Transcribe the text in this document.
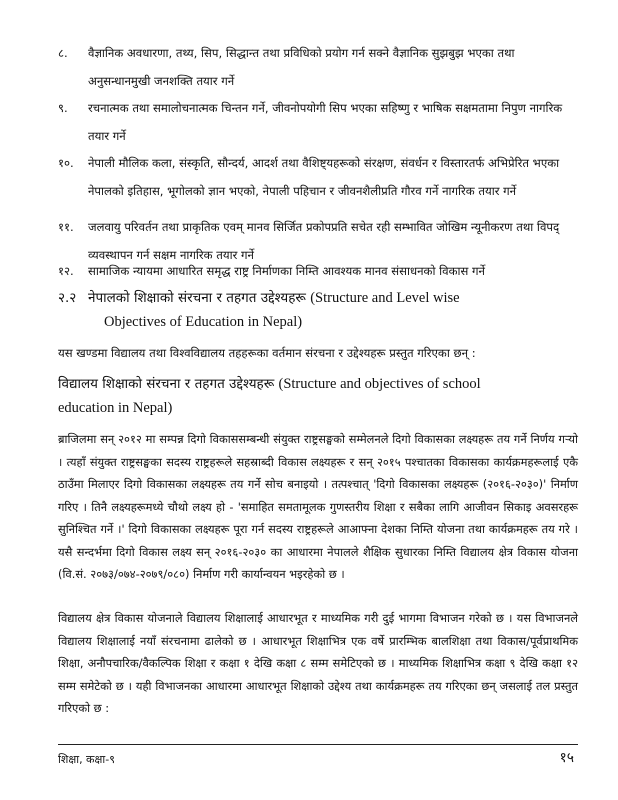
८.	वैज्ञानिक अवधारणा, तथ्य, सिप, सिद्धान्त तथा प्रविधिको प्रयोग गर्न सक्ने वैज्ञानिक सुझबुझ भएका तथा अनुसन्धानमुखी जनशक्ति तयार गर्ने
९.	रचनात्मक तथा समालोचनात्मक चिन्तन गर्ने, जीवनोपयोगी सिप भएका सहिष्णु र भाषिक सक्षमतामा निपुण नागरिक तयार गर्ने
१०.	नेपाली मौलिक कला, संस्कृति, सौन्दर्य, आदर्श तथा वैशिष्ट्यहरूको संरक्षण, संवर्धन र विस्तारतर्फ अभिप्रेरित भएका नेपालको इतिहास, भूगोलको ज्ञान भएको, नेपाली पहिचान र जीवनशैलीप्रति गौरव गर्ने नागरिक तयार गर्ने
११.	जलवायु परिवर्तन तथा प्राकृतिक एवम् मानव सिर्जित प्रकोपप्रति सचेत रही सम्भावित जोखिम न्यूनीकरण तथा विपद् व्यवस्थापन गर्न सक्षम नागरिक तयार गर्ने
१२.	सामाजिक न्यायमा आधारित समृद्ध राष्ट्र निर्माणका निम्ति आवश्यक मानव संसाधनको विकास गर्ने
२.२ नेपालको शिक्षाको संरचना र तहगत उद्देश्यहरू (Structure and Level wise
Objectives of Education in Nepal)
यस खण्डमा विद्यालय तथा विश्वविद्यालय तहहरूका वर्तमान संरचना र उद्देश्यहरू प्रस्तुत गरिएका छन् :
विद्यालय शिक्षाको संरचना र तहगत उद्देश्यहरू (Structure and objectives of school
education in Nepal)
ब्राजिलमा सन् २०१२ मा सम्पन्न दिगो विकाससम्बन्धी संयुक्त राष्ट्रसङ्घको सम्मेलनले दिगो विकासका लक्ष्यहरू तय गर्ने निर्णय गऱ्यो । त्यहाँ संयुक्त राष्ट्रसङ्घका सदस्य राष्ट्रहरूले सहस्राब्दी विकास लक्ष्यहरू र सन् २०१५ पश्चातका विकासका कार्यक्रमहरूलाई एकै ठाउँमा मिलाएर दिगो विकासका लक्ष्यहरू तय गर्ने सोच बनाइयो । तत्पश्चात् 'दिगो विकासका लक्ष्यहरू (२०१६-२०३०)' निर्माण गरिए । तिनै लक्ष्यहरूमध्ये चौथो लक्ष्य हो - 'समाहित समतामूलक गुणस्तरीय शिक्षा र सबैका लागि आजीवन सिकाइ अवसरहरू सुनिश्चित गर्ने ।' दिगो विकासका लक्ष्यहरू पूरा गर्न सदस्य राष्ट्रहरूले आआफ्ना देशका निम्ति योजना तथा कार्यक्रमहरू तय गरे । यसै सन्दर्भमा दिगो विकास लक्ष्य सन् २०१६-२०३० का आधारमा नेपालले शैक्षिक सुधारका निम्ति विद्यालय क्षेत्र विकास योजना (वि.सं. २०७३/०७४-२०७९/०८०) निर्माण गरी कार्यान्वयन भइरहेको छ ।
विद्यालय क्षेत्र विकास योजनाले विद्यालय शिक्षालाई आधारभूत र माध्यमिक गरी दुई भागमा विभाजन गरेको छ । यस विभाजनले विद्यालय शिक्षालाई नयाँ संरचनामा ढालेको छ । आधारभूत शिक्षाभित्र एक वर्षे प्रारम्भिक बालशिक्षा तथा विकास/पूर्वप्राथमिक शिक्षा, अनौपचारिक/वैकल्पिक शिक्षा र कक्षा १ देखि कक्षा ८ सम्म समेटिएको छ । माध्यमिक शिक्षाभित्र कक्षा ९ देखि कक्षा १२ सम्म समेटेको छ । यही विभाजनका आधारमा आधारभूत शिक्षाको उद्देश्य तथा कार्यक्रमहरू तय गरिएका छन् जसलाई तल प्रस्तुत गरिएको छ :
शिक्षा, कक्षा-९	१५
